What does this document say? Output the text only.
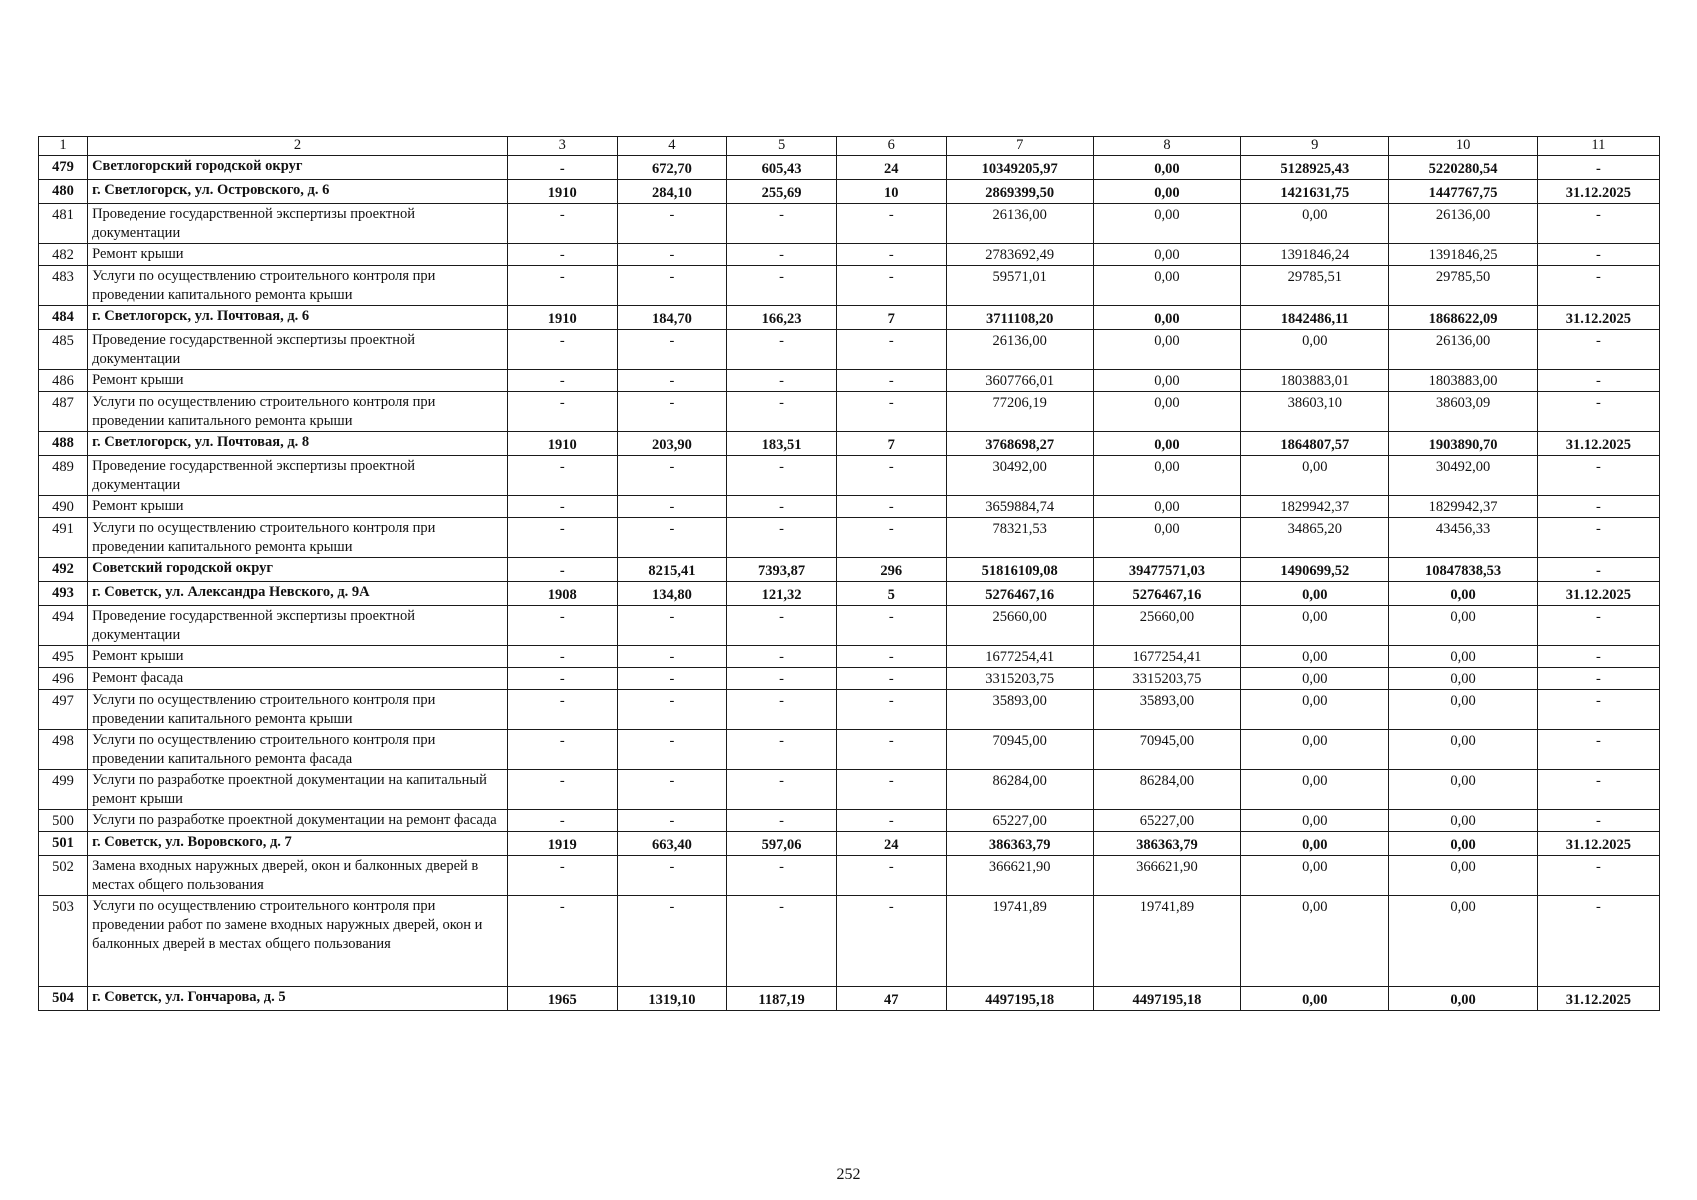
1	2	3	4	5	6	7	8	9	10	11
479	Светлогорский городской округ	-	672,70	605,43	24	10349205,97	0,00	5128925,43	5220280,54	-
480	г. Светлогорск, ул. Островского, д. 6	1910	284,10	255,69	10	2869399,50	0,00	1421631,75	1447767,75	31.12.2025
481	Проведение государственной экспертизы проектной документации	-	-	-	-	26136,00	0,00	0,00	26136,00	-
482	Ремонт крыши	-	-	-	-	2783692,49	0,00	1391846,24	1391846,25	-
483	Услуги по осуществлению строительного контроля при проведении капитального ремонта крыши	-	-	-	-	59571,01	0,00	29785,51	29785,50	-
484	г. Светлогорск, ул. Почтовая, д. 6	1910	184,70	166,23	7	3711108,20	0,00	1842486,11	1868622,09	31.12.2025
485	Проведение государственной экспертизы проектной документации	-	-	-	-	26136,00	0,00	0,00	26136,00	-
486	Ремонт крыши	-	-	-	-	3607766,01	0,00	1803883,01	1803883,00	-
487	Услуги по осуществлению строительного контроля при проведении капитального ремонта крыши	-	-	-	-	77206,19	0,00	38603,10	38603,09	-
488	г. Светлогорск, ул. Почтовая, д. 8	1910	203,90	183,51	7	3768698,27	0,00	1864807,57	1903890,70	31.12.2025
489	Проведение государственной экспертизы проектной документации	-	-	-	-	30492,00	0,00	0,00	30492,00	-
490	Ремонт крыши	-	-	-	-	3659884,74	0,00	1829942,37	1829942,37	-
491	Услуги по осуществлению строительного контроля при проведении капитального ремонта крыши	-	-	-	-	78321,53	0,00	34865,20	43456,33	-
492	Советский городской округ	-	8215,41	7393,87	296	51816109,08	39477571,03	1490699,52	10847838,53	-
493	г. Советск, ул. Александра Невского, д. 9А	1908	134,80	121,32	5	5276467,16	5276467,16	0,00	0,00	31.12.2025
494	Проведение государственной экспертизы проектной документации	-	-	-	-	25660,00	25660,00	0,00	0,00	-
495	Ремонт крыши	-	-	-	-	1677254,41	1677254,41	0,00	0,00	-
496	Ремонт фасада	-	-	-	-	3315203,75	3315203,75	0,00	0,00	-
497	Услуги по осуществлению строительного контроля при проведении капитального ремонта крыши	-	-	-	-	35893,00	35893,00	0,00	0,00	-
498	Услуги по осуществлению строительного контроля при проведении капитального ремонта фасада	-	-	-	-	70945,00	70945,00	0,00	0,00	-
499	Услуги по разработке проектной документации на капитальный ремонт крыши	-	-	-	-	86284,00	86284,00	0,00	0,00	-
500	Услуги по разработке проектной документации на ремонт фасада	-	-	-	-	65227,00	65227,00	0,00	0,00	-
501	г. Советск, ул. Воровского, д. 7	1919	663,40	597,06	24	386363,79	386363,79	0,00	0,00	31.12.2025
502	Замена входных наружных дверей, окон и балконных дверей в местах общего пользования	-	-	-	-	366621,90	366621,90	0,00	0,00	-
503	Услуги по осуществлению строительного контроля при проведении работ по замене входных наружных дверей, окон и балконных дверей в местах общего пользования	-	-	-	-	19741,89	19741,89	0,00	0,00	-
504	г. Советск, ул. Гончарова, д. 5	1965	1319,10	1187,19	47	4497195,18	4497195,18	0,00	0,00	31.12.2025
252
